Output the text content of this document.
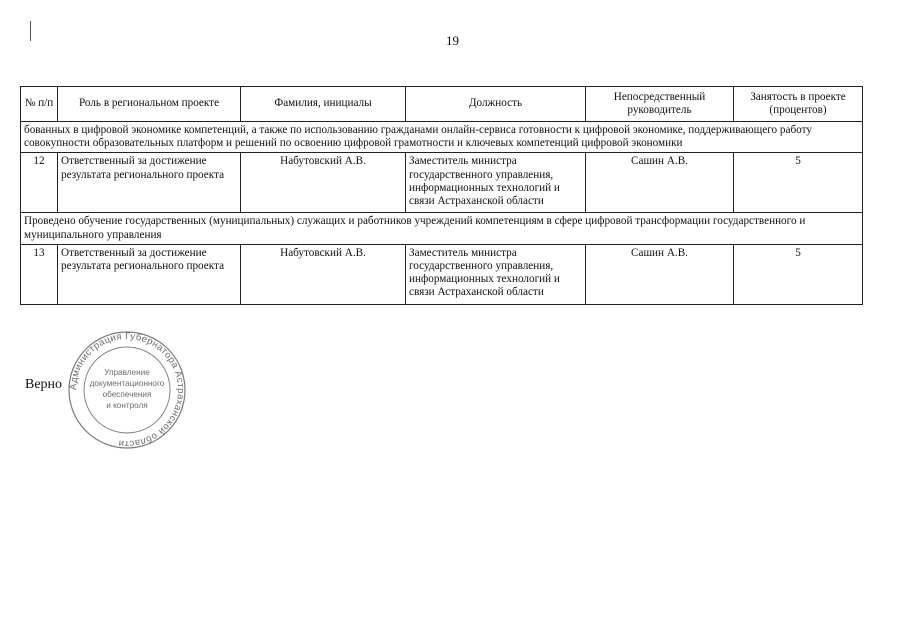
19
№ п/п	Роль в региональном проекте	Фамилия, инициалы	Должность	Непосредственный руководитель	Занятость в проекте (процентов)
бованных в цифровой экономике компетенций, а также по использованию гражданами онлайн-сервиса готовности к цифровой экономике, поддерживающего работу совокупности образовательных платформ и решений по освоению цифровой грамотности и ключевых компетенций цифровой экономики					
12	Ответственный за достижение результата регионального проекта	Набутовский А.В.	Заместитель министра государственного управления, информационных технологий и связи Астраханской области	Сашин А.В.	5
Проведено обучение государственных (муниципальных) служащих и работников учреждений компетенциям в сфере цифровой трансформации государственного и муниципального управления					
13	Ответственный за достижение результата регионального проекта	Набутовский А.В.	Заместитель министра государственного управления, информационных технологий и связи Астраханской области	Сашин А.В.	5
Верно Администрация Губернатора Астраханской области
Управление
документационного
обеспечения
и контроля
